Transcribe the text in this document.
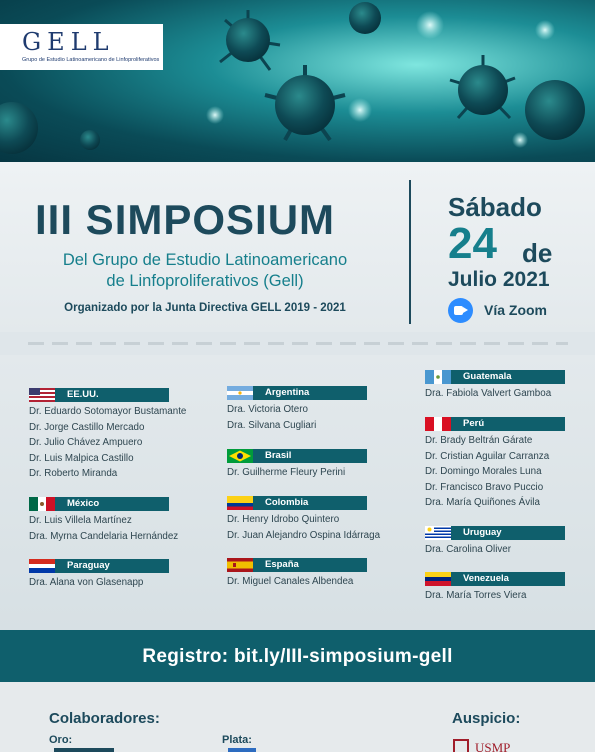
GELL
Grupo de Estudio Latinoamericano de Linfoproliferativos
III SIMPOSIUM
Del Grupo de Estudio Latinoamericano
de Linfoproliferativos (Gell)
Organizado por la Junta Directiva GELL 2019 - 2021
Sábado
24 de
Julio 2021
Vía Zoom
EE.UU.
Dr. Eduardo Sotomayor Bustamante
Dr. Jorge Castillo Mercado
Dr. Julio Chávez Ampuero
Dr. Luis Malpica Castillo
Dr. Roberto Miranda
México
Dr. Luis Villela Martínez
Dra. Myrna Candelaria Hernández
Paraguay
Dra. Alana von Glasenapp
Argentina
Dra. Victoria Otero
Dra. Silvana Cugliari
Brasil
Dr. Guilherme Fleury Perini
Colombia
Dr. Henry Idrobo Quintero
Dr. Juan Alejandro Ospina Idárraga
España
Dr. Miguel Canales Albendea
Guatemala
Dra. Fabiola Valvert Gamboa
Perú
Dr. Brady Beltrán Gárate
Dr. Cristian Aguilar Carranza
Dr. Domingo Morales Luna
Dr. Francisco Bravo Puccio
Dra. María Quiñones Ávila
Uruguay
Dra. Carolina Oliver
Venezuela
Dra. María Torres Viera
Registro: bit.ly/III-simposium-gell
Colaboradores:
Oro:	Plata:
Auspicio:
USMP
